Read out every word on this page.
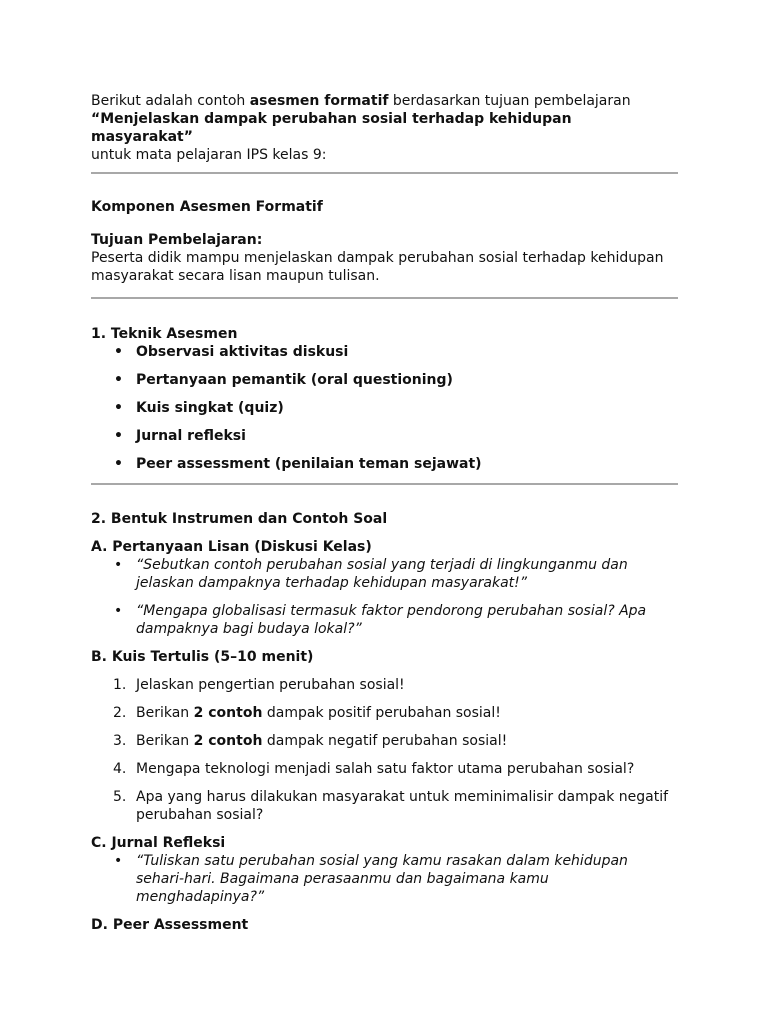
Berikut adalah contoh asesmen formatif berdasarkan tujuan pembelajaran
“Menjelaskan dampak perubahan sosial terhadap kehidupan masyarakat”
untuk mata pelajaran IPS kelas 9:

Komponen Asesmen Formatif

Tujuan Pembelajaran:

Peserta didik mampu menjelaskan dampak perubahan sosial terhadap kehidupan masyarakat secara lisan maupun tulisan.

1. Teknik Asesmen

• Observasi aktivitas diskusi
• Pertanyaan pemantik (oral questioning)
• Kuis singkat (quiz)
• Jurnal refleksi
• Peer assessment (penilaian teman sejawat)

2. Bentuk Instrumen dan Contoh Soal

A. Pertanyaan Lisan (Diskusi Kelas)

• “Sebutkan contoh perubahan sosial yang terjadi di lingkunganmu dan jelaskan dampaknya terhadap kehidupan masyarakat!”
• “Mengapa globalisasi termasuk faktor pendorong perubahan sosial? Apa dampaknya bagi budaya lokal?”

B. Kuis Tertulis (5–10 menit)

1. Jelaskan pengertian perubahan sosial!
2. Berikan 2 contoh dampak positif perubahan sosial!
3. Berikan 2 contoh dampak negatif perubahan sosial!
4. Mengapa teknologi menjadi salah satu faktor utama perubahan sosial?
5. Apa yang harus dilakukan masyarakat untuk meminimalisir dampak negatif perubahan sosial?

C. Jurnal Refleksi

• “Tuliskan satu perubahan sosial yang kamu rasakan dalam kehidupan sehari-hari. Bagaimana perasaanmu dan bagaimana kamu menghadapinya?”

D. Peer Assessment
